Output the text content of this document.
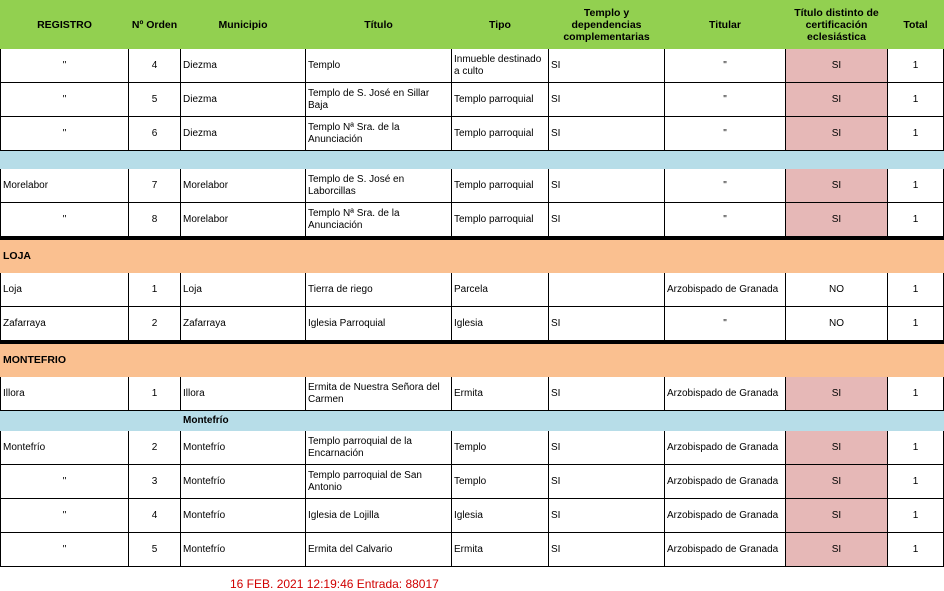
REGISTRO	Nº Orden	Municipio	Título	Tipo	Templo y dependencias complementarias	Titular	Título distinto de certificación eclesiástica	Total
"	4	Diezma	Templo	Inmueble destinado a culto	SI	"	SI	1
"	5	Diezma	Templo de S. José en Sillar Baja	Templo parroquial	SI	"	SI	1
"	6	Diezma	Templo Nª Sra. de la Anunciación	Templo parroquial	SI	"	SI	1

Morelabor	7	Morelabor	Templo de S. José en Laborcillas	Templo parroquial	SI	"	SI	1
"	8	Morelabor	Templo Nª Sra. de la Anunciación	Templo parroquial	SI	"	SI	1
LOJA								
Loja	1	Loja	Tierra de riego	Parcela		Arzobispado de Granada	NO	1
Zafarraya	2	Zafarraya	Iglesia Parroquial	Iglesia	SI	"	NO	1
MONTEFRIO								
Illora	1	Illora	Ermita de Nuestra Señora del Carmen	Ermita	SI	Arzobispado de Granada	SI	1
		Montefrío						
Montefrío	2	Montefrío	Templo parroquial de la Encarnación	Templo	SI	Arzobispado de Granada	SI	1
"	3	Montefrío	Templo parroquial de San Antonio	Templo	SI	Arzobispado de Granada	SI	1
"	4	Montefrío	Iglesia de Lojilla	Iglesia	SI	Arzobispado de Granada	SI	1
"	5	Montefrío	Ermita del Calvario	Ermita	SI	Arzobispado de Granada	SI	1
16 FEB. 2021 12:19:46 Entrada: 88017
